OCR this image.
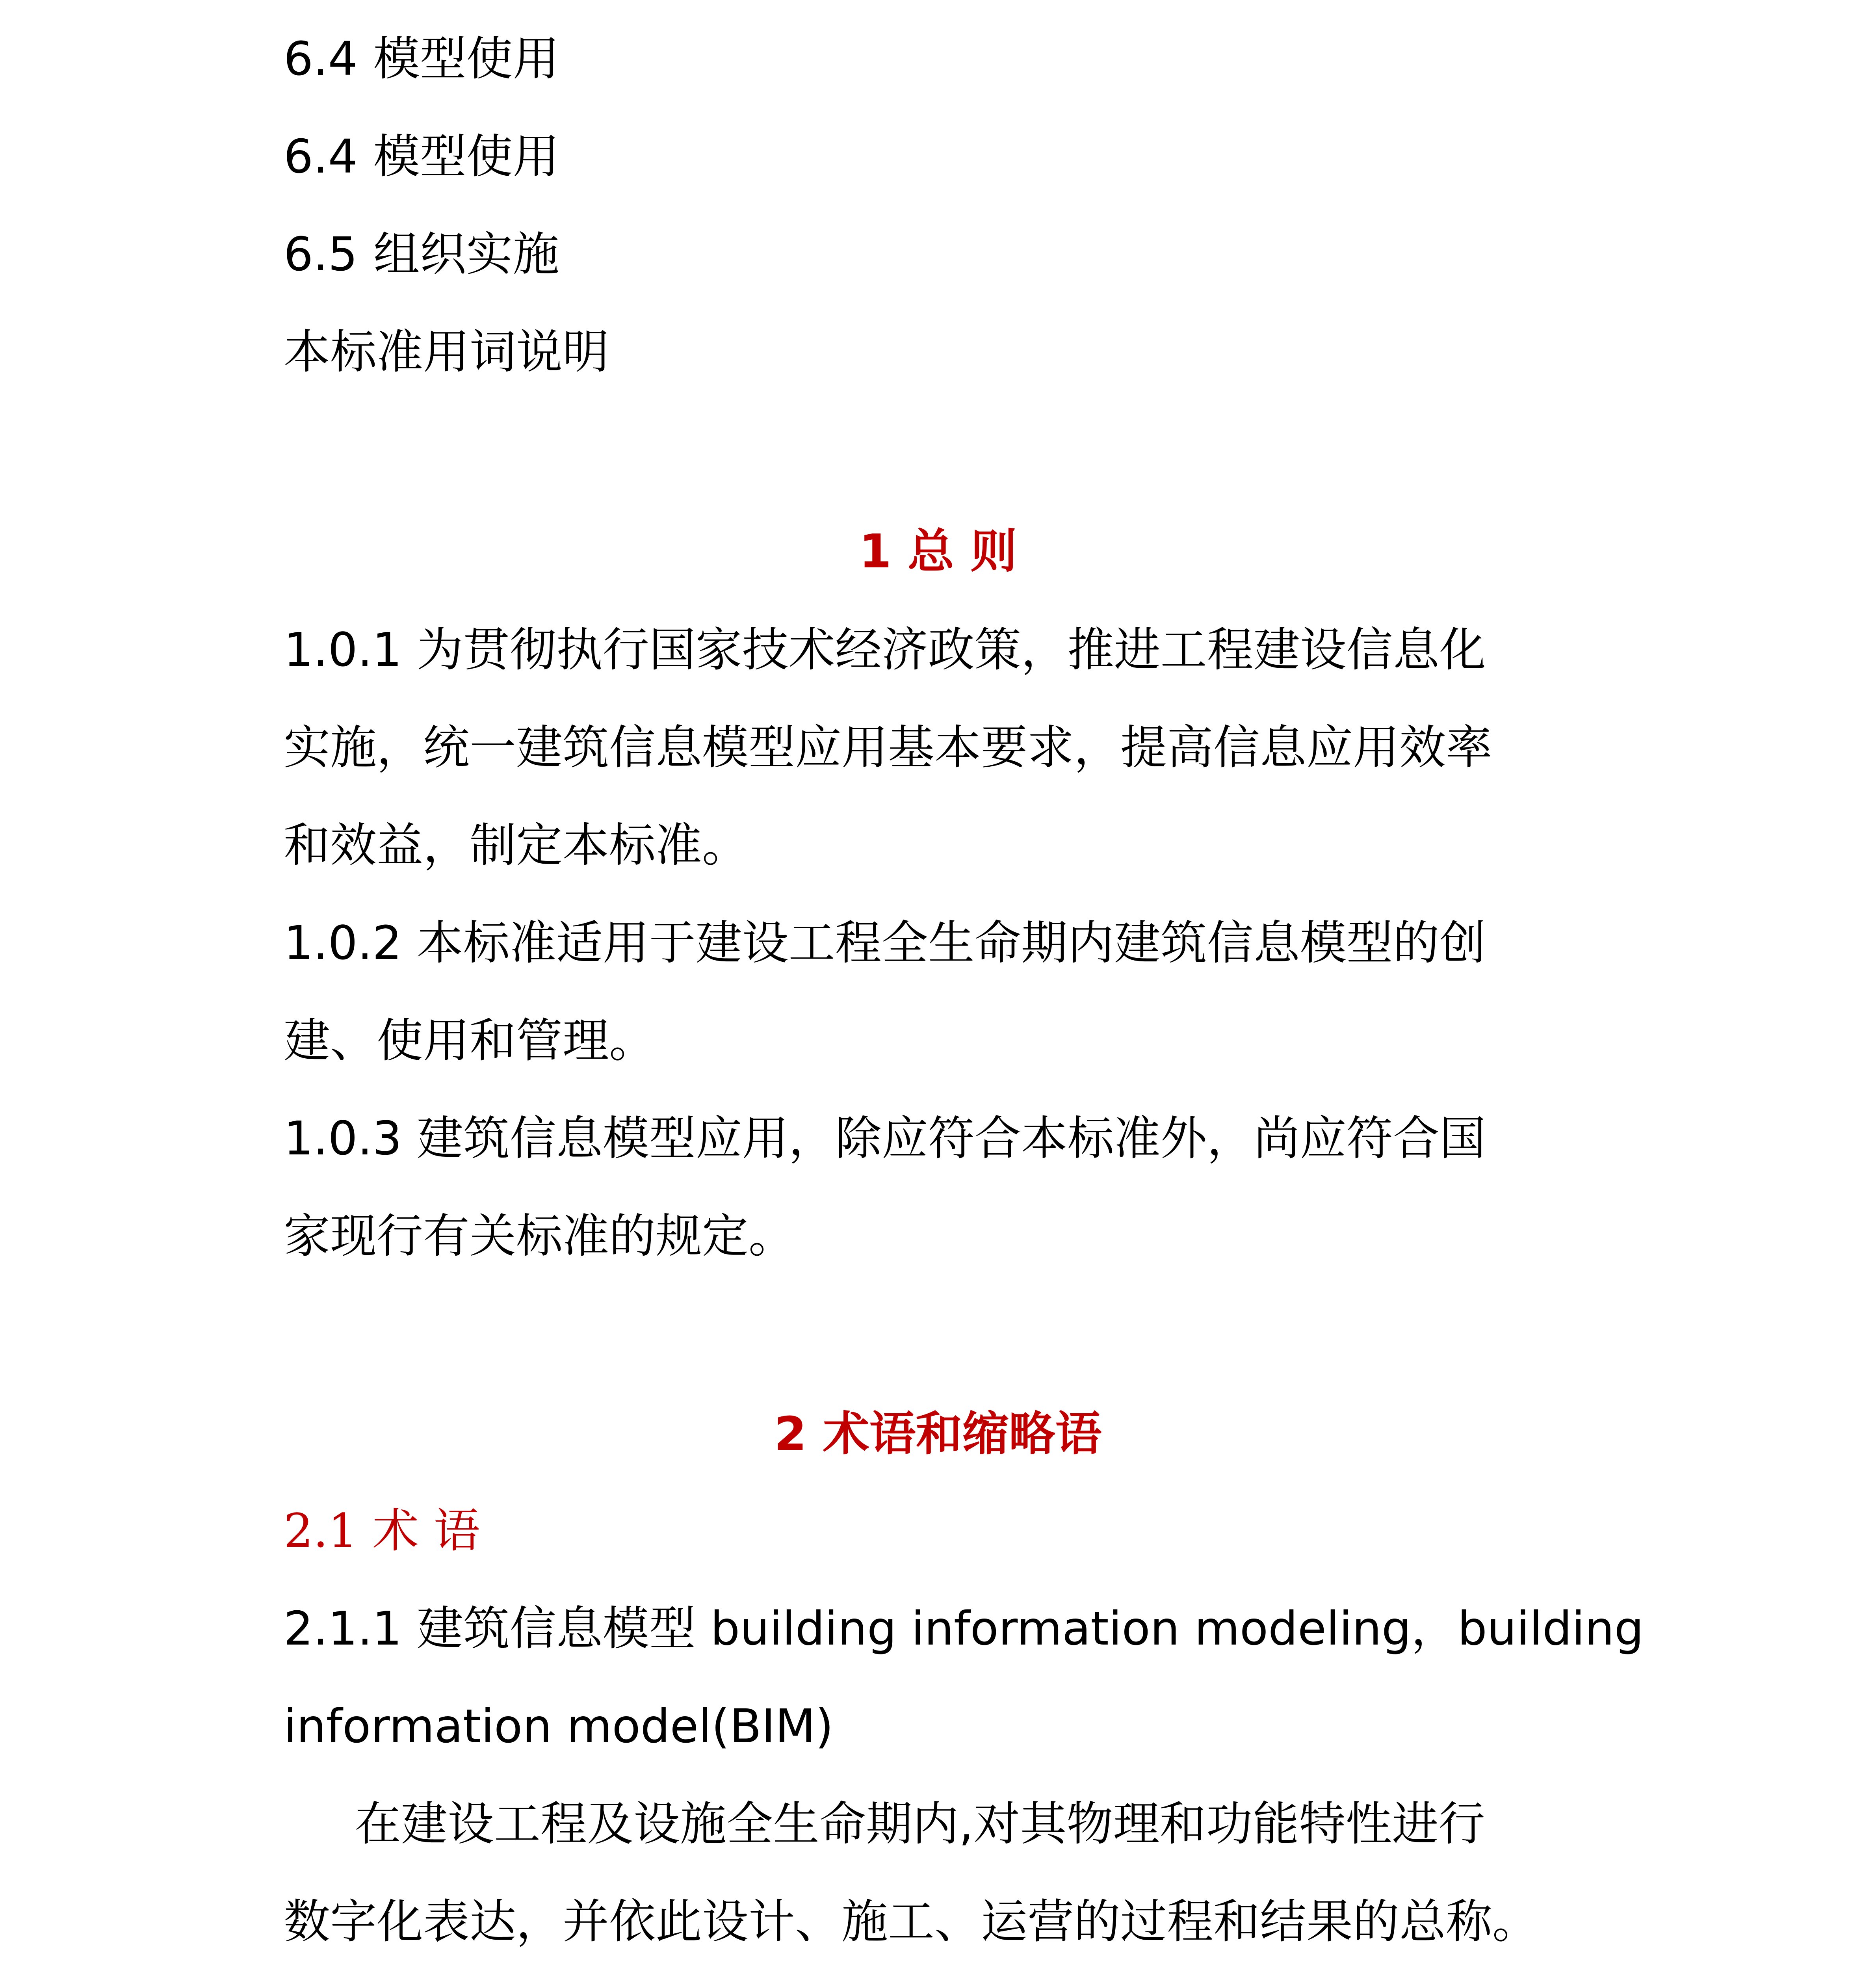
6.4 模型使用
6.4 模型使用
6.5 组织实施
本标准用词说明
1 总 则
1.0.1 为贯彻执行国家技术经济政策，推进工程建设信息化
实施，统一建筑信息模型应用基本要求，提高信息应用效率
和效益，制定本标准。
1.0.2 本标准适用于建设工程全生命期内建筑信息模型的创
建、使用和管理。
1.0.3 建筑信息模型应用，除应符合本标准外，尚应符合国
家现行有关标准的规定。
2 术语和缩略语
2.1 术 语
2.1.1 建筑信息模型 building information modeling，building
information model(BIM)
在建设工程及设施全生命期内,对其物理和功能特性进行
数字化表达，并依此设计、施工、运营的过程和结果的总称。
